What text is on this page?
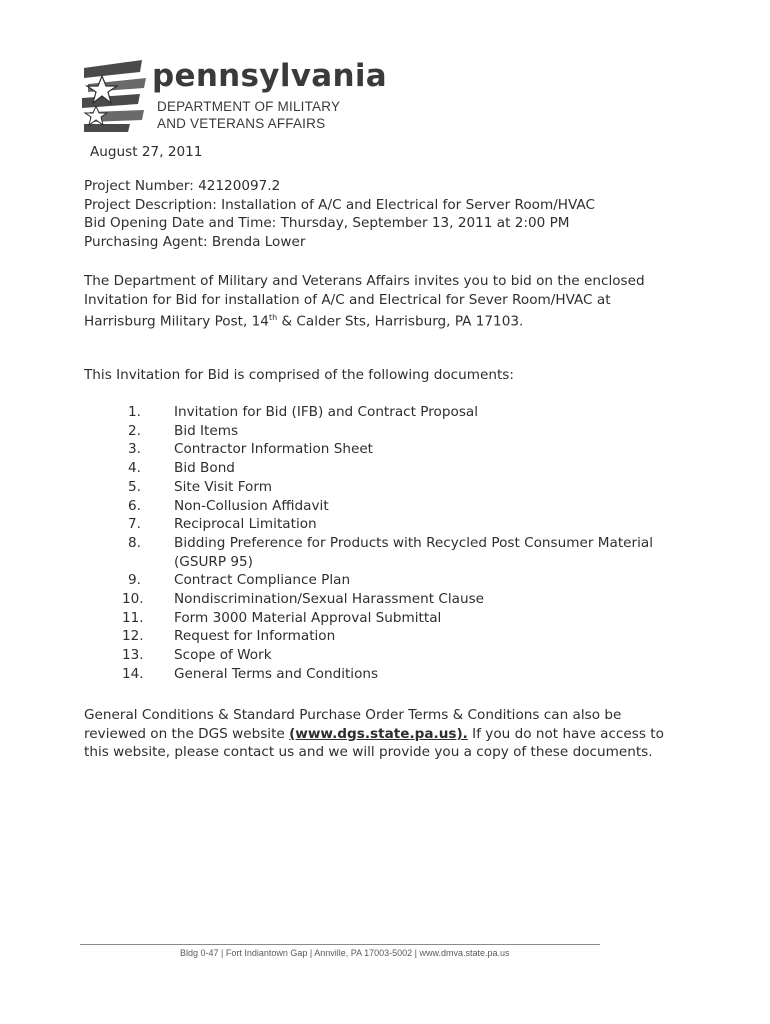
pennsylvania
DEPARTMENT OF MILITARY
AND VETERANS AFFAIRS
August 27, 2011
Project Number: 42120097.2
Project Description: Installation of A/C and Electrical for Server Room/HVAC
Bid Opening Date and Time: Thursday, September 13, 2011 at 2:00 PM
Purchasing Agent: Brenda Lower
The Department of Military and Veterans Affairs invites you to bid on the enclosed Invitation for Bid for installation of A/C and Electrical for Sever Room/HVAC at Harrisburg Military Post, 14th & Calder Sts, Harrisburg, PA 17103.
This Invitation for Bid is comprised of the following documents:
1.	Invitation for Bid (IFB) and Contract Proposal
2.	Bid Items
3.	Contractor Information Sheet
4.	Bid Bond
5.	Site Visit Form
6.	Non-Collusion Affidavit
7.	Reciprocal Limitation
8.	Bidding Preference for Products with Recycled Post Consumer Material (GSURP 95)
9.	Contract Compliance Plan
10.	Nondiscrimination/Sexual Harassment Clause
11.	Form 3000 Material Approval Submittal
12.	Request for Information
13.	Scope of Work
14.	General Terms and Conditions
General Conditions & Standard Purchase Order Terms & Conditions can also be reviewed on the DGS website (www.dgs.state.pa.us). If you do not have access to this website, please contact us and we will provide you a copy of these documents.
Bldg 0-47 | Fort Indiantown Gap | Annville, PA 17003-5002 | www.dmva.state.pa.us
